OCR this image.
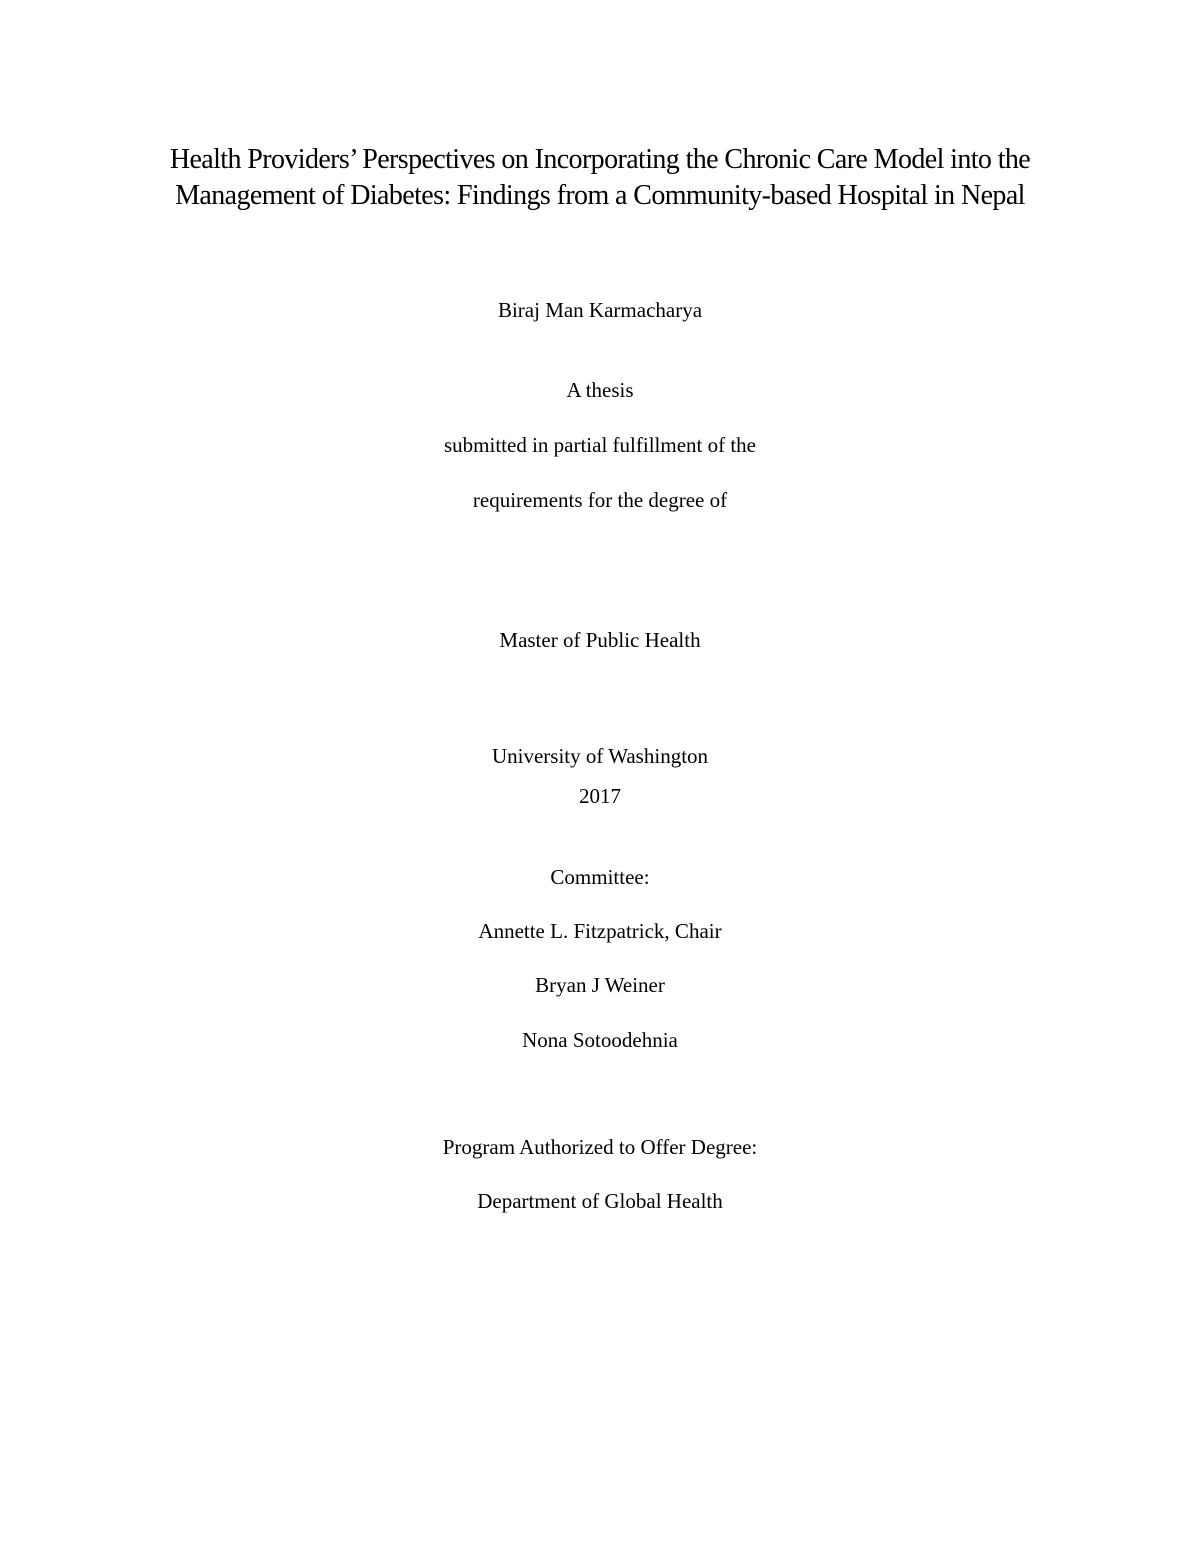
Health Providers’ Perspectives on Incorporating the Chronic Care Model into the
Management of Diabetes: Findings from a Community-based Hospital in Nepal
Biraj Man Karmacharya
A thesis
submitted in partial fulfillment of the
requirements for the degree of
Master of Public Health
University of Washington
2017
Committee:
Annette L. Fitzpatrick, Chair
Bryan J Weiner
Nona Sotoodehnia
Program Authorized to Offer Degree:
Department of Global Health
